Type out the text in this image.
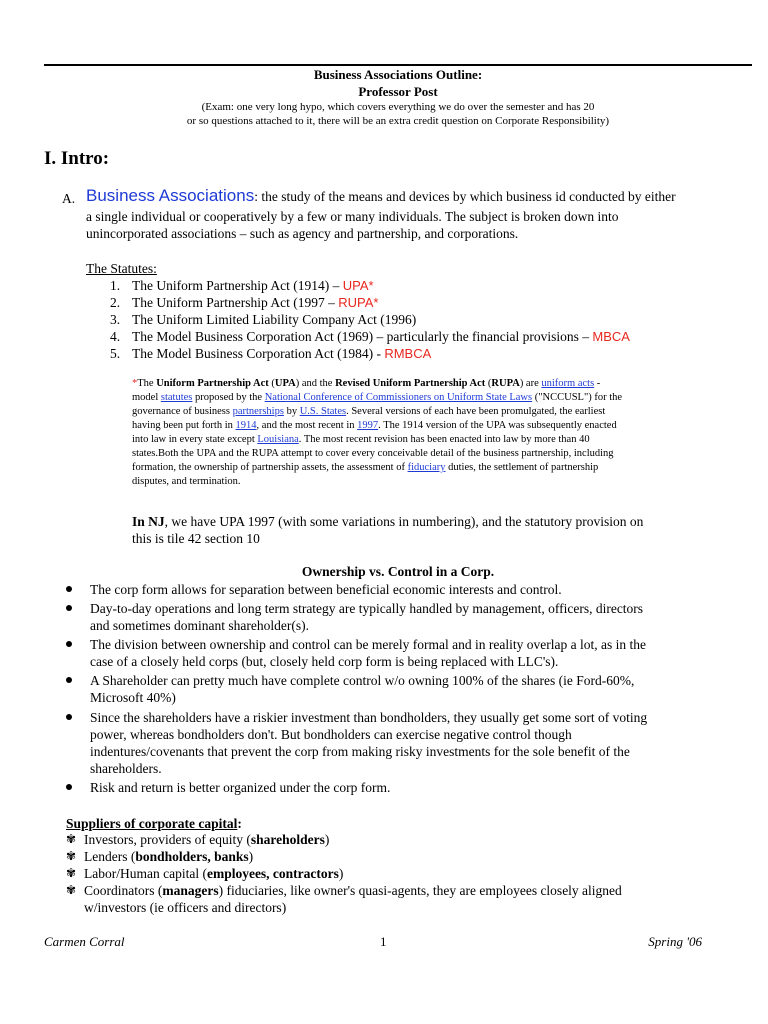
Business Associations Outline:
Professor Post
(Exam: one very long hypo, which covers everything we do over the semester and has 20
or so questions attached to it, there will be an extra credit question on Corporate Responsibility)
I. Intro:
A. Business Associations: the study of the means and devices by which business id conducted by either
a single individual or cooperatively by a few or many individuals. The subject is broken down into
unincorporated associations – such as agency and partnership, and corporations.
The Statutes:
1. The Uniform Partnership Act (1914) – UPA*
2. The Uniform Partnership Act (1997 – RUPA*
3. The Uniform Limited Liability Company Act (1996)
4. The Model Business Corporation Act (1969) – particularly the financial provisions – MBCA
5. The Model Business Corporation Act (1984) - RMBCA
*The Uniform Partnership Act (UPA) and the Revised Uniform Partnership Act (RUPA) are uniform acts -
model statutes proposed by the National Conference of Commissioners on Uniform State Laws ("NCCUSL") for the
governance of business partnerships by U.S. States. Several versions of each have been promulgated, the earliest
having been put forth in 1914, and the most recent in 1997. The 1914 version of the UPA was subsequently enacted
into law in every state except Louisiana. The most recent revision has been enacted into law by more than 40
states.Both the UPA and the RUPA attempt to cover every conceivable detail of the business partnership, including
formation, the ownership of partnership assets, the assessment of fiduciary duties, the settlement of partnership
disputes, and termination.
In NJ, we have UPA 1997 (with some variations in numbering), and the statutory provision on
this is tile 42 section 10
Ownership vs. Control in a Corp.
The corp form allows for separation between beneficial economic interests and control.
Day-to-day operations and long term strategy are typically handled by management, officers, directors
and sometimes dominant shareholder(s).
The division between ownership and control can be merely formal and in reality overlap a lot, as in the
case of a closely held corps (but, closely held corp form is being replaced with LLC's).
A Shareholder can pretty much have complete control w/o owning 100% of the shares (ie Ford-60%,
Microsoft 40%)
Since the shareholders have a riskier investment than bondholders, they usually get some sort of voting
power, whereas bondholders don't. But bondholders can exercise negative control though
indentures/covenants that prevent the corp from making risky investments for the sole benefit of the
shareholders.
Risk and return is better organized under the corp form.
Suppliers of corporate capital:
✾ Investors, providers of equity (shareholders)
✾ Lenders (bondholders, banks)
✾ Labor/Human capital (employees, contractors)
✾ Coordinators (managers) fiduciaries, like owner's quasi-agents, they are employees closely aligned
w/investors (ie officers and directors)
Carmen Corral	1	Spring '06
